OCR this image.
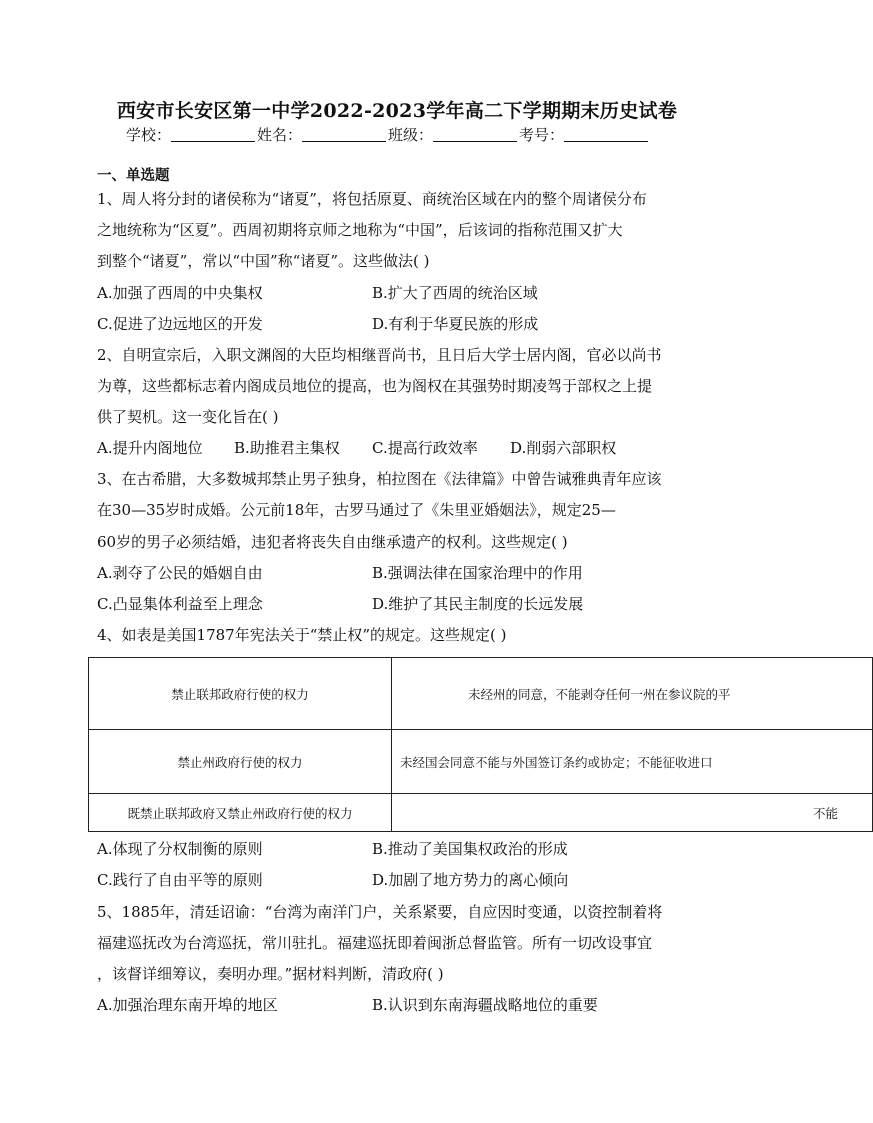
西安市长安区第一中学2022-2023学年高二下学期期末历史试卷
学校：	姓名：	班级：	考号：
一、单选题
1、周人将分封的诸侯称为“诸夏”，将包括原夏、商统治区域在内的整个周诸侯分布
之地统称为“区夏”。西周初期将京师之地称为“中国”，后该词的指称范围又扩大
到整个“诸夏”，常以“中国”称“诸夏”。这些做法( )
A.加强了西周的中央集权	B.扩大了西周的统治区域
C.促进了边远地区的开发	D.有利于华夏民族的形成
2、自明宣宗后，入职文渊阁的大臣均相继晋尚书，且日后大学士居内阁，官必以尚书
为尊，这些都标志着内阁成员地位的提高，也为阁权在其强势时期凌驾于部权之上提
供了契机。这一变化旨在( )
A.提升内阁地位 B.助推君主集权 C.提高行政效率 D.削弱六部职权
3、在古希腊，大多数城邦禁止男子独身，柏拉图在《法律篇》中曾告诫雅典青年应该
在30—35岁时成婚。公元前18年，古罗马通过了《朱里亚婚姻法》，规定25—
60岁的男子必须结婚，违犯者将丧失自由继承遗产的权利。这些规定( )
A.剥夺了公民的婚姻自由	B.强调法律在国家治理中的作用
C.凸显集体利益至上理念	D.维护了其民主制度的长远发展
4、如表是美国1787年宪法关于“禁止权”的规定。这些规定( )
禁止联邦政府行使的权力	未经州的同意，不能剥夺任何一州在参议院的平
禁止州政府行使的权力	未经国会同意不能与外国签订条约或协定；不能征收进口
既禁止联邦政府又禁止州政府行使的权力	不能
A.体现了分权制衡的原则	B.推动了美国集权政治的形成
C.践行了自由平等的原则	D.加剧了地方势力的离心倾向
5、1885年，清廷诏谕：“台湾为南洋门户，关系紧要，自应因时变通，以资控制着将
福建巡抚改为台湾巡抚，常川驻扎。福建巡抚即着闽浙总督监管。所有一切改设事宜
，该督详细筹议，奏明办理。”据材料判断，清政府( )
A.加强治理东南开埠的地区	B.认识到东南海疆战略地位的重要
